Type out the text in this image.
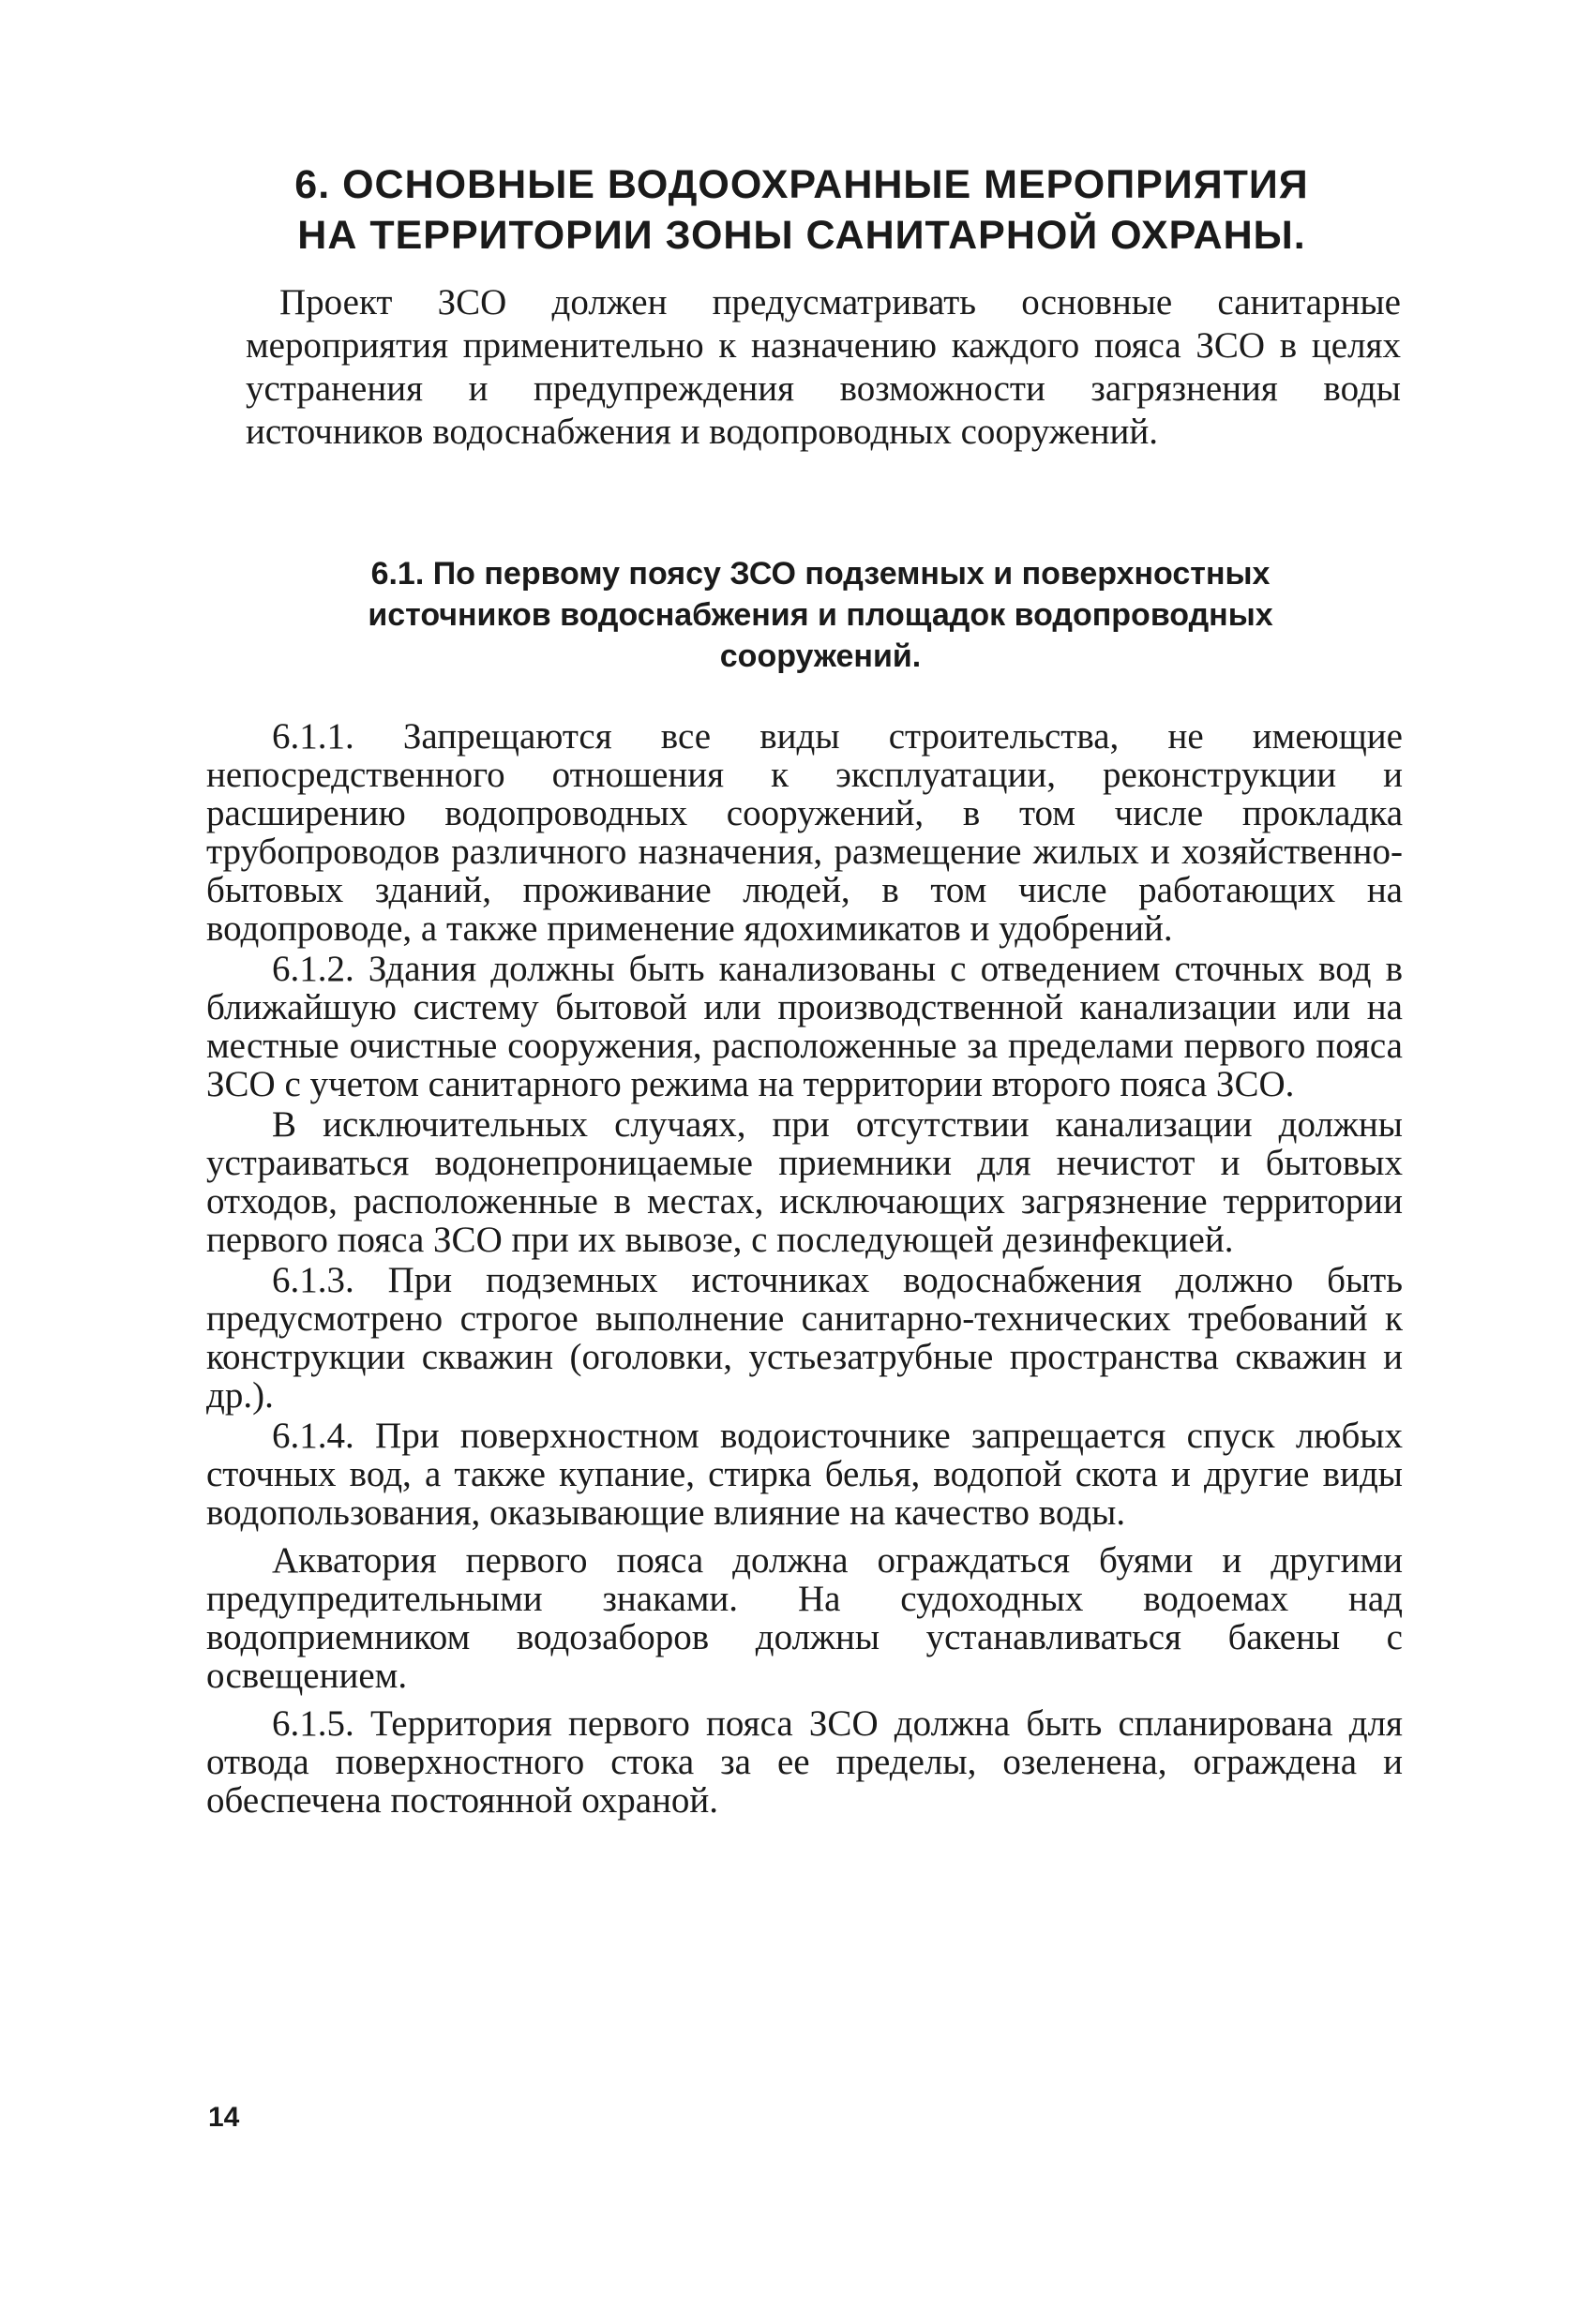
6. ОСНОВНЫЕ ВОДООХРАННЫЕ МЕРОПРИЯТИЯ
НА ТЕРРИТОРИИ ЗОНЫ САНИТАРНОЙ ОХРАНЫ.

Проект ЗСО должен предусматривать основные санитарные мероприятия применительно к назначению каждого пояса ЗСО в целях устранения и предупреждения возможности загрязнения воды источников водоснабжения и водопроводных сооружений.

6.1. По первому поясу ЗСО подземных и поверхностных
источников водоснабжения и площадок водопроводных
сооружений.

6.1.1. Запрещаются все виды строительства, не имеющие непосредственного отношения к эксплуатации, реконструкции и расширению водопроводных сооружений, в том числе прокладка трубопроводов различного назначения, размещение жилых и хозяйственно-бытовых зданий, проживание людей, в том числе работающих на водопроводе, а также применение ядохимикатов и удобрений.

6.1.2. Здания должны быть канализованы с отведением сточных вод в ближайшую систему бытовой или производственной канализации или на местные очистные сооружения, расположенные за пределами первого пояса ЗСО с учетом санитарного режима на территории второго пояса ЗСО.

В исключительных случаях, при отсутствии канализации должны устраиваться водонепроницаемые приемники для нечистот и бытовых отходов, расположенные в местах, исключающих загрязнение территории первого пояса ЗСО при их вывозе, с последующей дезинфекцией.

6.1.3. При подземных источниках водоснабжения должно быть предусмотрено строгое выполнение санитарно-технических требований к конструкции скважин (оголовки, устьезатрубные пространства скважин и др.).

6.1.4. При поверхностном водоисточнике запрещается спуск любых сточных вод, а также купание, стирка белья, водопой скота и другие виды водопользования, оказывающие влияние на качество воды.

Акватория первого пояса должна ограждаться буями и другими предупредительными знаками. На судоходных водоемах над водоприемником водозаборов должны устанавливаться бакены с освещением.

6.1.5. Территория первого пояса ЗСО должна быть спланирована для отвода поверхностного стока за ее пределы, озеленена, ограждена и обеспечена постоянной охраной.

14
